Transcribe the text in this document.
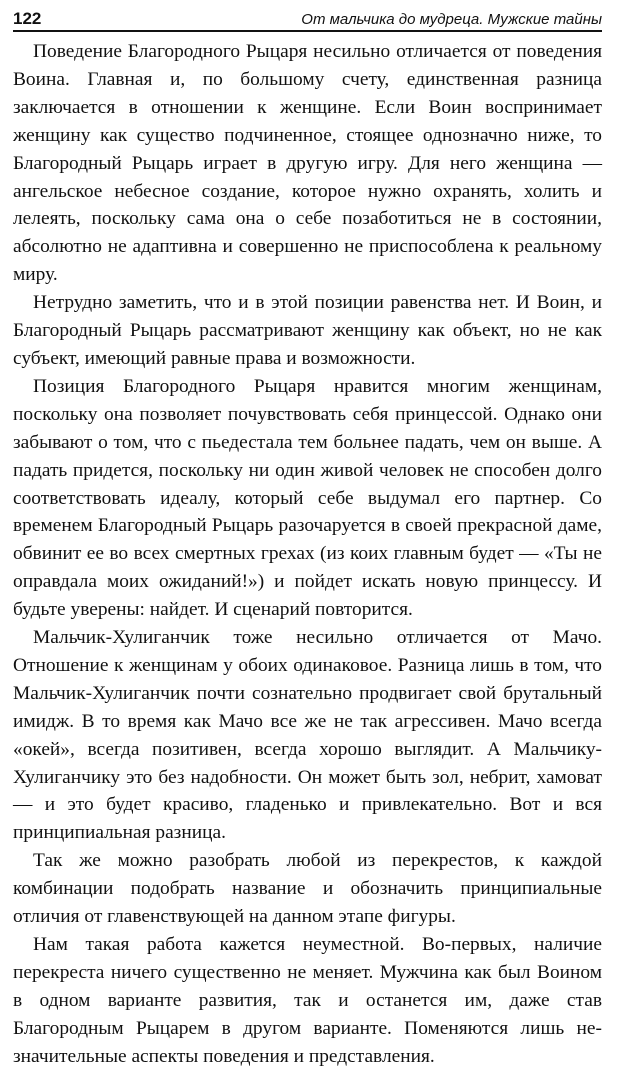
122	От мальчика до мудреца. Мужские тайны

Поведение Благородного Рыцаря несильно отличается от поведения Воина. Главная и, по большому счету, единственная разница заключается в отношении к женщине. Если Воин воспринимает женщину как существо подчиненное, стоящее однозначно ниже, то Благородный Рыцарь играет в другую игру. Для него женщина — ангельское небесное создание, которое нужно охранять, холить и лелеять, поскольку сама она о себе позаботиться не в состоянии, абсолютно не адаптивна и совершенно не приспособлена к реальному миру.

Нетрудно заметить, что и в этой позиции равенства нет. И Воин, и Благородный Рыцарь рассматривают женщину как объект, но не как субъект, имеющий равные права и возможности.

Позиция Благородного Рыцаря нравится многим женщинам, поскольку она позволяет почувствовать себя принцессой. Однако они забывают о том, что с пьедестала тем больнее падать, чем он выше. А падать придется, поскольку ни один живой человек не способен долго соответствовать идеалу, который себе выдумал его партнер. Со временем Благородный Рыцарь разочаруется в своей прекрасной даме, обвинит ее во всех смертных грехах (из коих главным будет — «Ты не оправдала моих ожиданий!») и пойдет искать новую принцессу. И будьте уверены: найдет. И сценарий повторится.

Мальчик-Хулиганчик тоже несильно отличается от Мачо. Отношение к женщинам у обоих одинаковое. Разница лишь в том, что Мальчик-Хулиганчик почти сознательно продвигает свой брутальный имидж. В то время как Мачо все же не так агрессивен. Мачо всегда «окей», всегда позитивен, всегда хорошо выглядит. А Мальчику-Хулиганчику это без надобности. Он может быть зол, небрит, хамоват — и это будет красиво, гладенько и привлекательно. Вот и вся принципиальная разница.

Так же можно разобрать любой из перекрестов, к каждой комбинации подобрать название и обозначить принципиальные отличия от главенствующей на данном этапе фигуры.

Нам такая работа кажется неуместной. Во-первых, наличие перекреста ничего существенно не меняет. Мужчина как был Воином в одном варианте развития, так и останется им, даже став Благородным Рыцарем в другом варианте. Поменяются лишь незначительные аспекты поведения и представления.
